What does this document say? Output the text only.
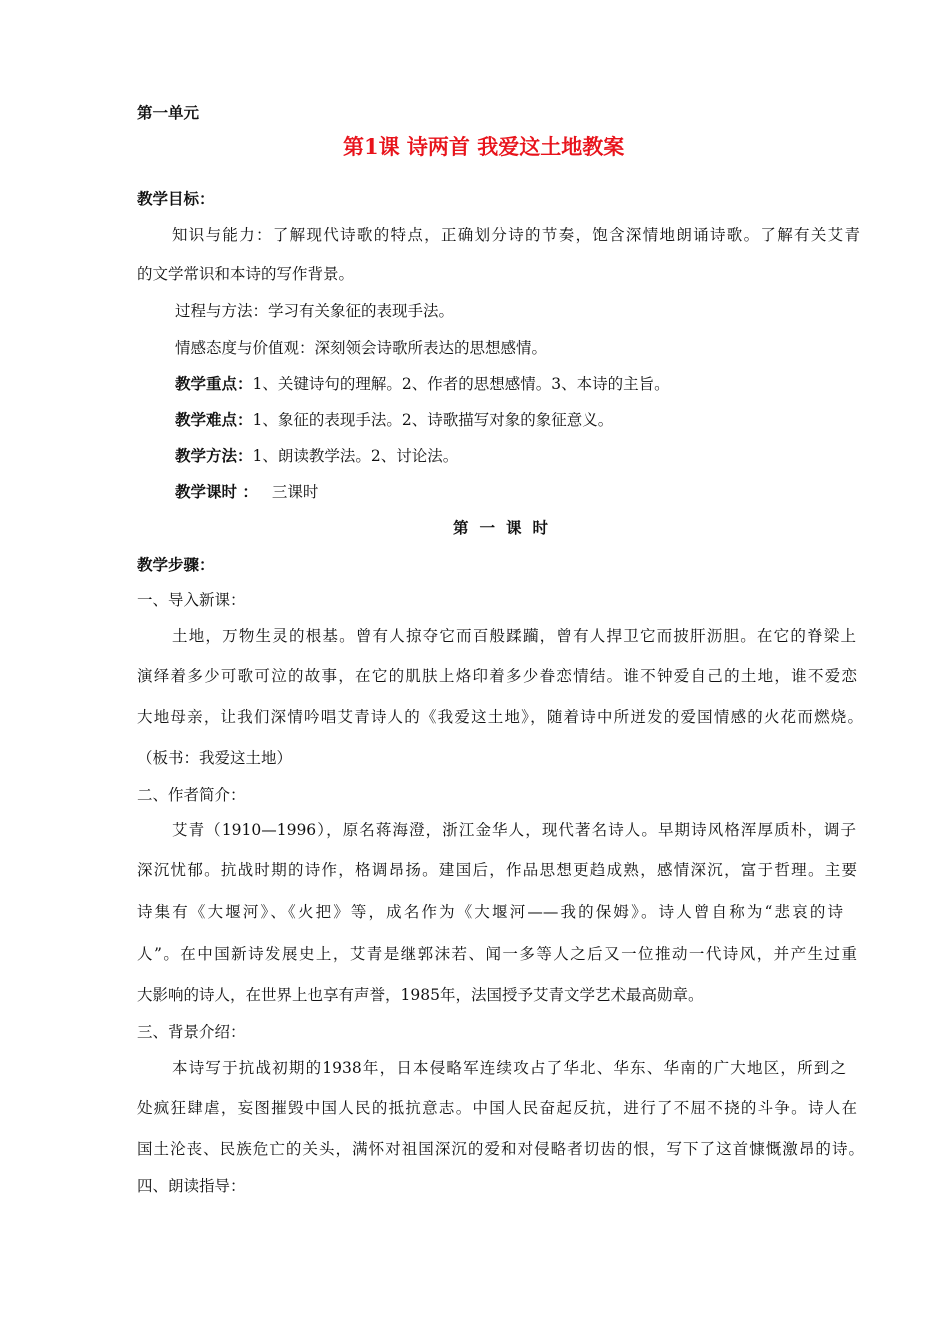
第一单元
第1课 诗两首 我爱这土地教案
教学目标：
知识与能力：了解现代诗歌的特点，正确划分诗的节奏，饱含深情地朗诵诗歌。了解有关艾青
的文学常识和本诗的写作背景。
过程与方法：学习有关象征的表现手法。
情感态度与价值观：深刻领会诗歌所表达的思想感情。
教学重点：1、关键诗句的理解。2、作者的思想感情。3、本诗的主旨。
教学难点：1、象征的表现手法。2、诗歌描写对象的象征意义。
教学方法：1、朗读教学法。2、讨论法。
教学课时 ： 三课时
第一课时
教学步骤：
一、导入新课：
土地，万物生灵的根基。曾有人掠夺它而百般蹂躏，曾有人捍卫它而披肝沥胆。在它的脊梁上
演绎着多少可歌可泣的故事，在它的肌肤上烙印着多少眷恋情结。谁不钟爱自己的土地，谁不爱恋
大地母亲，让我们深情吟唱艾青诗人的《我爱这土地》，随着诗中所迸发的爱国情感的火花而燃烧。
（板书：我爱这土地）
二、作者简介：
艾青（1910—1996），原名蒋海澄，浙江金华人，现代著名诗人。早期诗风格浑厚质朴，调子
深沉忧郁。抗战时期的诗作，格调昂扬。建国后，作品思想更趋成熟，感情深沉，富于哲理。主要
诗集有《大堰河》、《火把》等，成名作为《大堰河——我的保姆》。诗人曾自称为“悲哀的诗
人”。在中国新诗发展史上，艾青是继郭沫若、闻一多等人之后又一位推动一代诗风，并产生过重
大影响的诗人，在世界上也享有声誉，1985年，法国授予艾青文学艺术最高勋章。
三、背景介绍：
本诗写于抗战初期的1938年，日本侵略军连续攻占了华北、华东、华南的广大地区，所到之
处疯狂肆虐，妄图摧毁中国人民的抵抗意志。中国人民奋起反抗，进行了不屈不挠的斗争。诗人在
国土沦丧、民族危亡的关头，满怀对祖国深沉的爱和对侵略者切齿的恨，写下了这首慷慨激昂的诗。
四、朗读指导：
